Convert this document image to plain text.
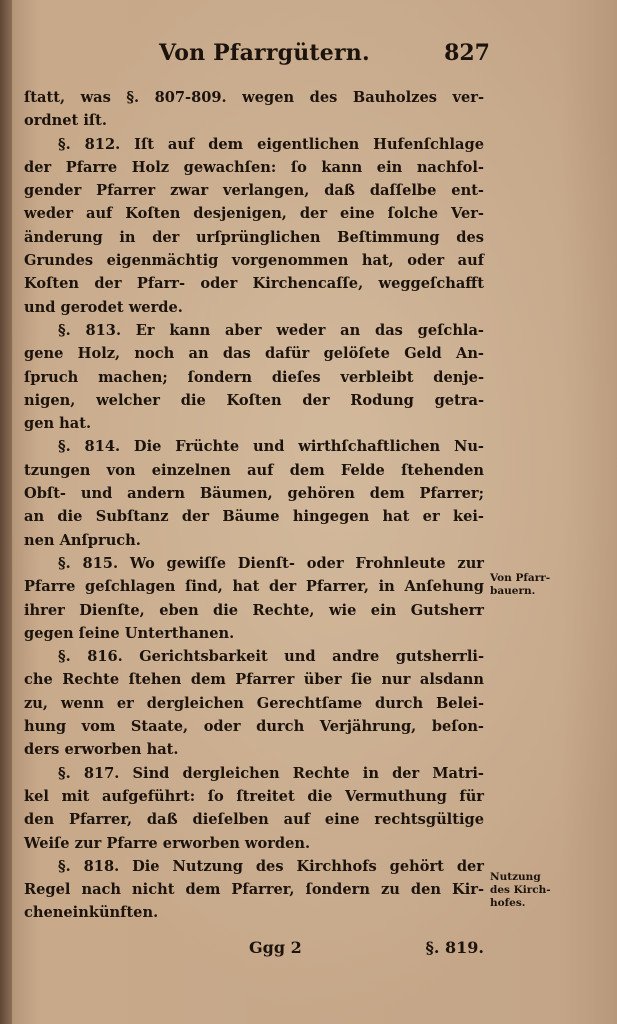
Von Pfarrgütern.	827
ſtatt, was §. 807-809. wegen des Bauholzes ver-
ordnet iſt.
§. 812. Iſt auf dem eigentlichen Hufenſchlage
der Pfarre Holz gewachſen: ſo kann ein nachfol-
gender Pfarrer zwar verlangen, daß daſſelbe ent-
weder auf Koſten desjenigen, der eine ſolche Ver-
änderung in der urſprünglichen Beſtimmung des
Grundes eigenmächtig vorgenommen hat, oder auf
Koſten der Pfarr- oder Kirchencaſſe, weggeſchafft
und gerodet werde.
§. 813. Er kann aber weder an das geſchla-
gene Holz, noch an das dafür gelöſete Geld An-
ſpruch machen; ſondern dieſes verbleibt denje-
nigen, welcher die Koſten der Rodung getra-
gen hat.
§. 814. Die Früchte und wirthſchaftlichen Nu-
tzungen von einzelnen auf dem Felde ſtehenden
Obſt- und andern Bäumen, gehören dem Pfarrer;
an die Subſtanz der Bäume hingegen hat er kei-
nen Anſpruch.
§. 815. Wo gewiſſe Dienſt- oder Frohnleute zur
Pfarre geſchlagen ſind, hat der Pfarrer, in Anſehung
ihrer Dienſte, eben die Rechte, wie ein Gutsherr
gegen ſeine Unterthanen.
§. 816. Gerichtsbarkeit und andre gutsherrli-
che Rechte ſtehen dem Pfarrer über ſie nur alsdann
zu, wenn er dergleichen Gerechtſame durch Belei-
hung vom Staate, oder durch Verjährung, beſon-
ders erworben hat.
§. 817. Sind dergleichen Rechte in der Matri-
kel mit aufgeführt: ſo ſtreitet die Vermuthung für
den Pfarrer, daß dieſelben auf eine rechtsgültige
Weiſe zur Pfarre erworben worden.
§. 818. Die Nutzung des Kirchhofs gehört der
Regel nach nicht dem Pfarrer, ſondern zu den Kir-
cheneinkünften.
Von Pfarr-
bauern.
Nutzung
des Kirch-
hofes.
Ggg 2	§. 819.
